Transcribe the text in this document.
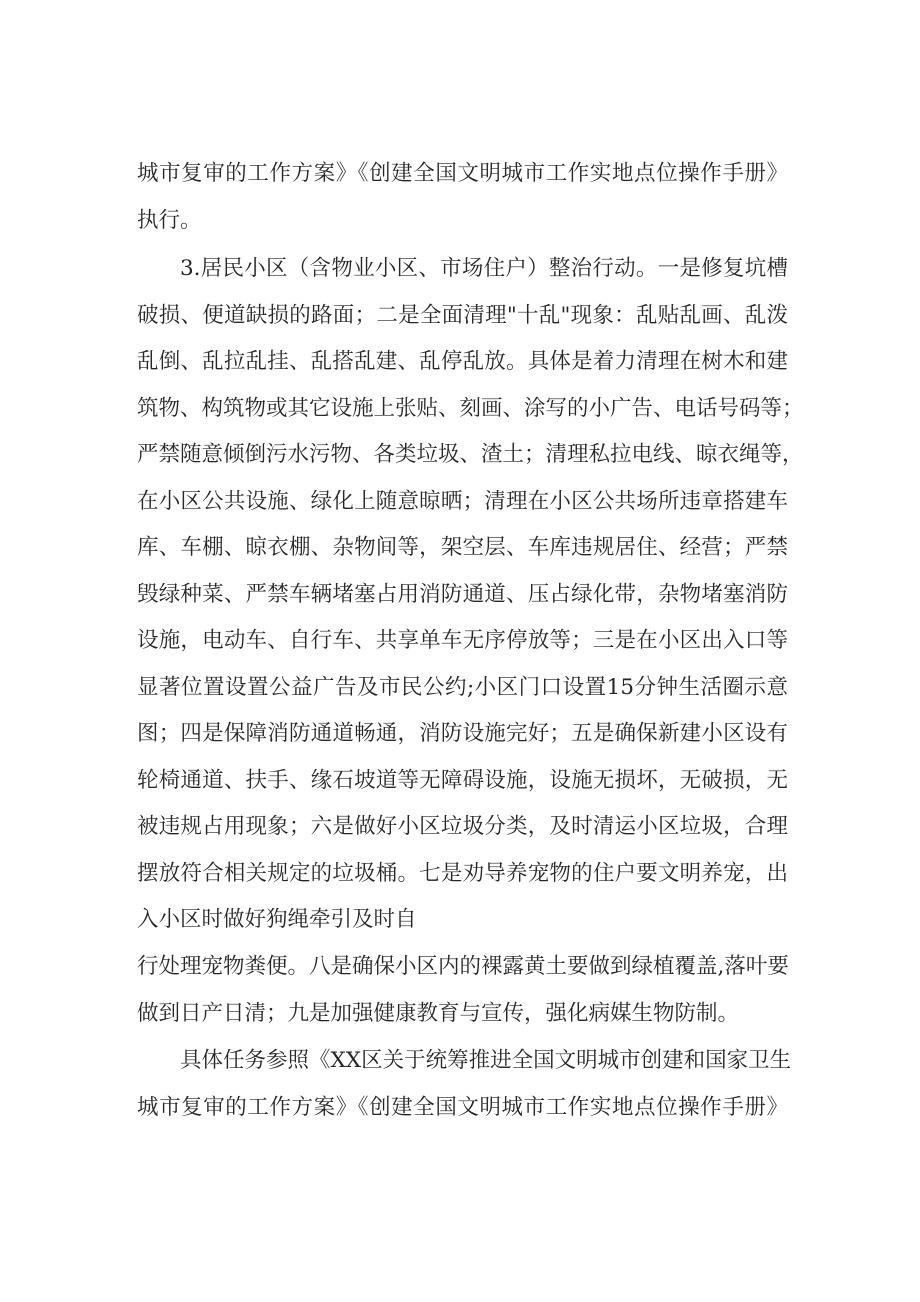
城市复审的工作方案》《创建全国文明城市工作实地点位操作手册》
执行。
3.居民小区（含物业小区、市场住户）整治行动。一是修复坑槽
破损、便道缺损的路面；二是全面清理"十乱"现象：乱贴乱画、乱泼
乱倒、乱拉乱挂、乱搭乱建、乱停乱放。具体是着力清理在树木和建
筑物、构筑物或其它设施上张贴、刻画、涂写的小广告、电话号码等；
严禁随意倾倒污水污物、各类垃圾、渣土；清理私拉电线、晾衣绳等，
在小区公共设施、绿化上随意晾晒；清理在小区公共场所违章搭建车
库、车棚、晾衣棚、杂物间等，架空层、车库违规居住、经营；严禁
毁绿种菜、严禁车辆堵塞占用消防通道、压占绿化带，杂物堵塞消防
设施，电动车、自行车、共享单车无序停放等；三是在小区出入口等
显著位置设置公益广告及市民公约;小区门口设置15分钟生活圈示意
图；四是保障消防通道畅通，消防设施完好；五是确保新建小区设有
轮椅通道、扶手、缘石坡道等无障碍设施，设施无损坏，无破损，无
被违规占用现象；六是做好小区垃圾分类，及时清运小区垃圾，合理
摆放符合相关规定的垃圾桶。七是劝导养宠物的住户要文明养宠，出
入小区时做好狗绳牵引及时自
行处理宠物粪便。八是确保小区内的裸露黄土要做到绿植覆盖,落叶要
做到日产日清；九是加强健康教育与宣传，强化病媒生物防制。
具体任务参照《XX区关于统筹推进全国文明城市创建和国家卫生
城市复审的工作方案》《创建全国文明城市工作实地点位操作手册》
